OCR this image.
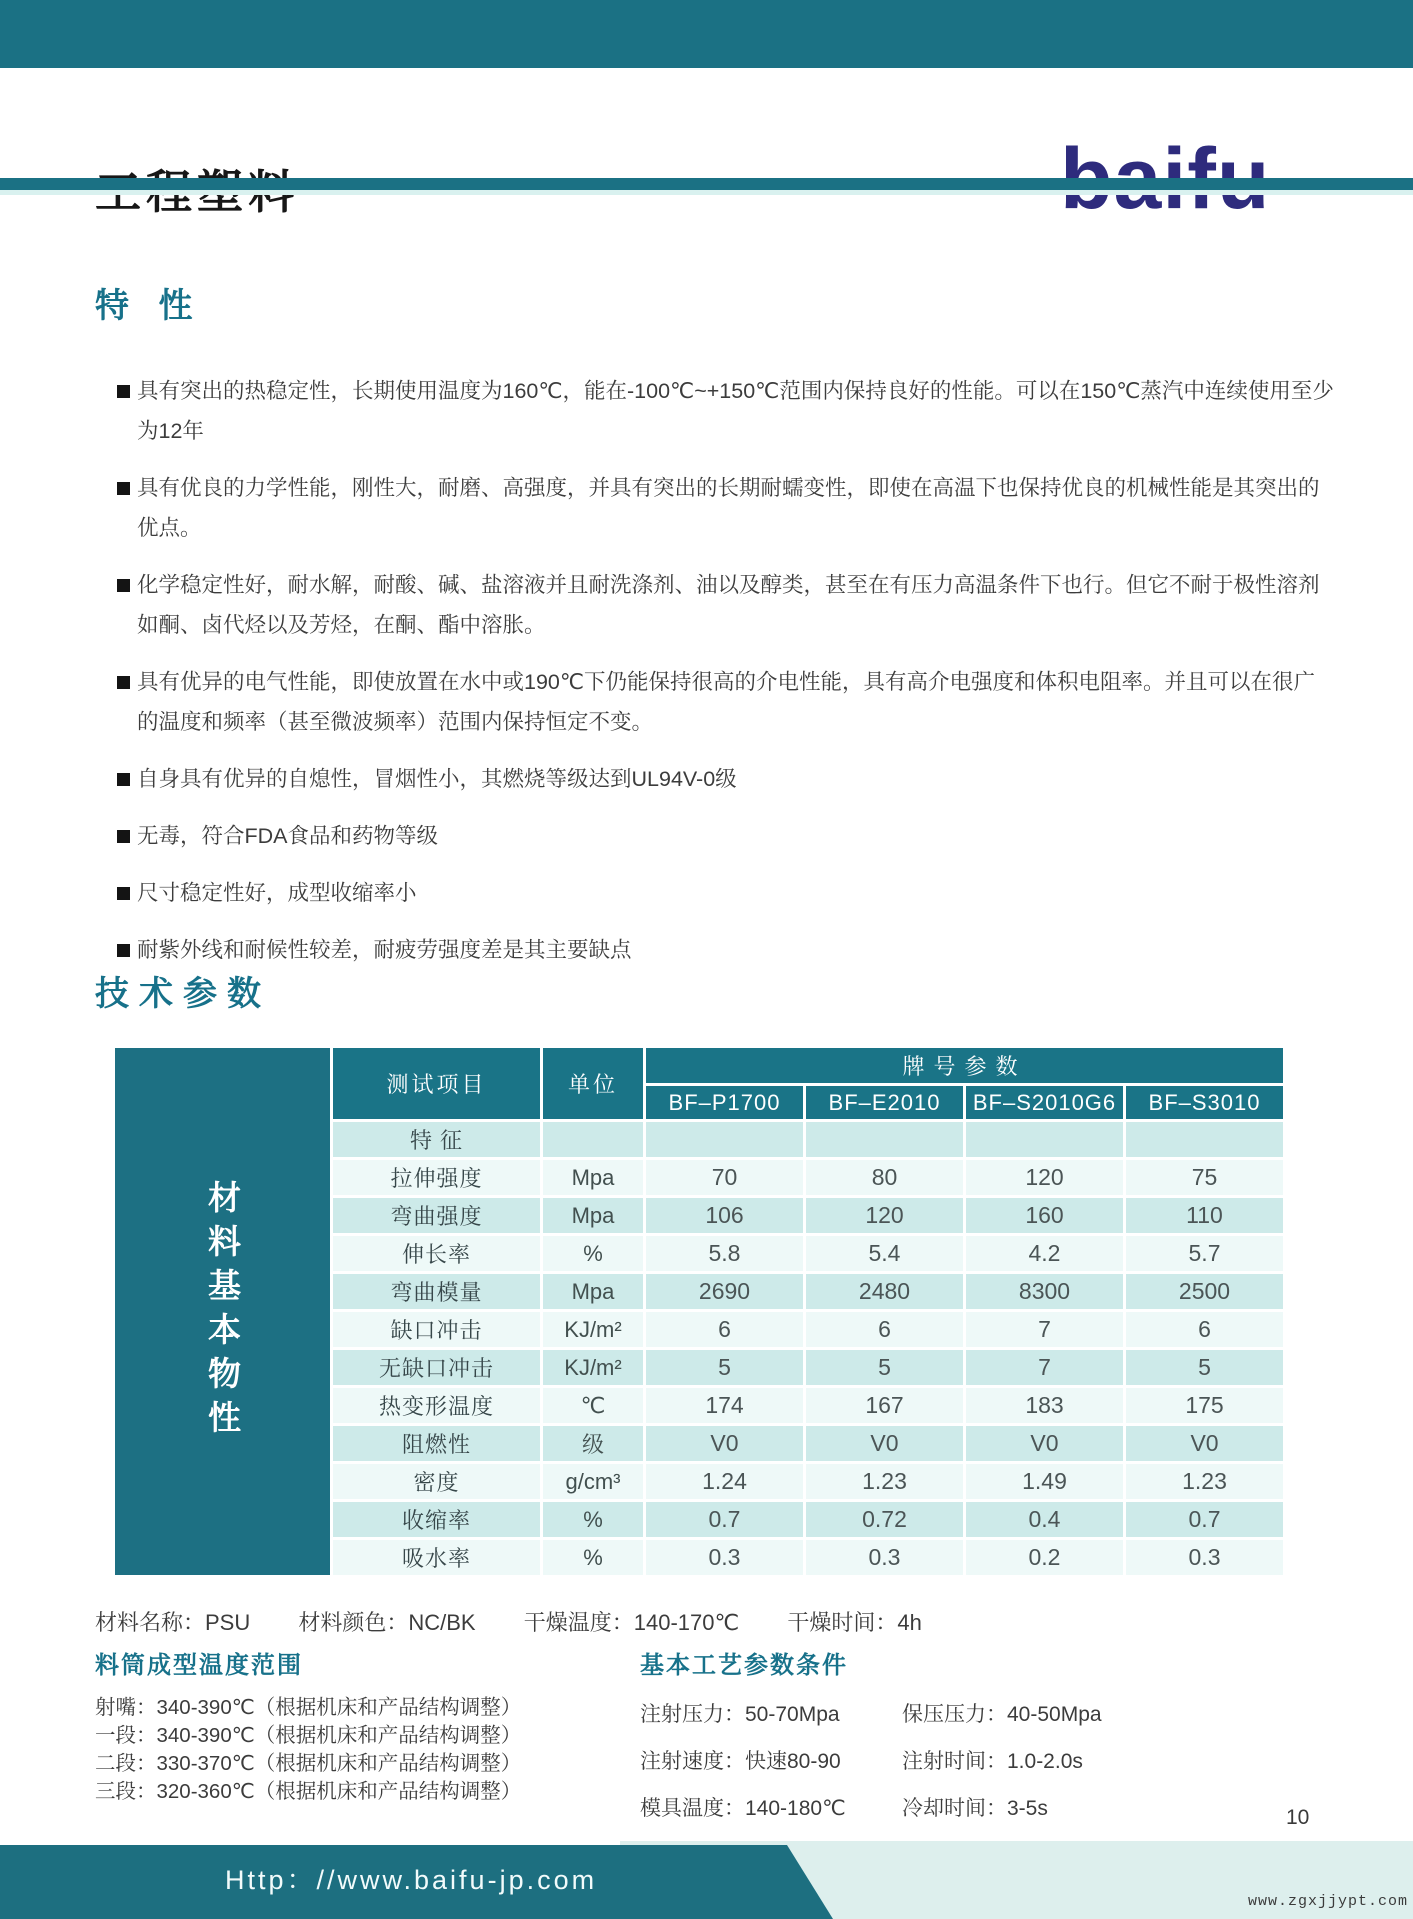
特 性
具有突出的热稳定性，长期使用温度为160℃，能在-100℃~+150℃范围内保持良好的性能。可以在150℃蒸汽中连续使用至少为12年
具有优良的力学性能，刚性大，耐磨、高强度，并具有突出的长期耐蠕变性，即使在高温下也保持优良的机械性能是其突出的优点。
化学稳定性好，耐水解，耐酸、碱、盐溶液并且耐洗涤剂、油以及醇类，甚至在有压力高温条件下也行。但它不耐于极性溶剂如酮、卤代烃以及芳烃，在酮、酯中溶胀。
具有优异的电气性能，即使放置在水中或190℃下仍能保持很高的介电性能，具有高介电强度和体积电阻率。并且可以在很广的温度和频率（甚至微波频率）范围内保持恒定不变。
自身具有优异的自熄性，冒烟性小，其燃烧等级达到UL94V-0级
无毒，符合FDA食品和药物等级
尺寸稳定性好，成型收缩率小
耐紫外线和耐候性较差，耐疲劳强度差是其主要缺点
技术参数
材料基本物性	测试项目	单位	牌号参数			
			BF–P1700	BF–E2010	BF–S2010G6	BF–S3010
	特 征					
	拉伸强度	Mpa	70	80	120	75
	弯曲强度	Mpa	106	120	160	110
	伸长率	%	5.8	5.4	4.2	5.7
	弯曲模量	Mpa	2690	2480	8300	2500
	缺口冲击	KJ/m²	6	6	7	6
	无缺口冲击	KJ/m²	5	5	7	5
	热变形温度	℃	174	167	183	175
	阻燃性	级	V0	V0	V0	V0
	密度	g/cm³	1.24	1.23	1.49	1.23
	收缩率	%	0.7	0.72	0.4	0.7
	吸水率	%	0.3	0.3	0.2	0.3
材料名称：PSU 材料颜色：NC/BK 干燥温度：140-170℃ 干燥时间：4h
料筒成型温度范围
射嘴：340-390℃（根据机床和产品结构调整）
一段：340-390℃（根据机床和产品结构调整）
二段：330-370℃（根据机床和产品结构调整）
三段：320-360℃（根据机床和产品结构调整）
基本工艺参数条件
注射压力：50-70Mpa	保压压力：40-50Mpa
注射速度：快速80-90	注射时间：1.0-2.0s
模具温度：140-180℃	冷却时间：3-5s	10
Http：//www.baifu-jp.com
www.zgxjjypt.com
